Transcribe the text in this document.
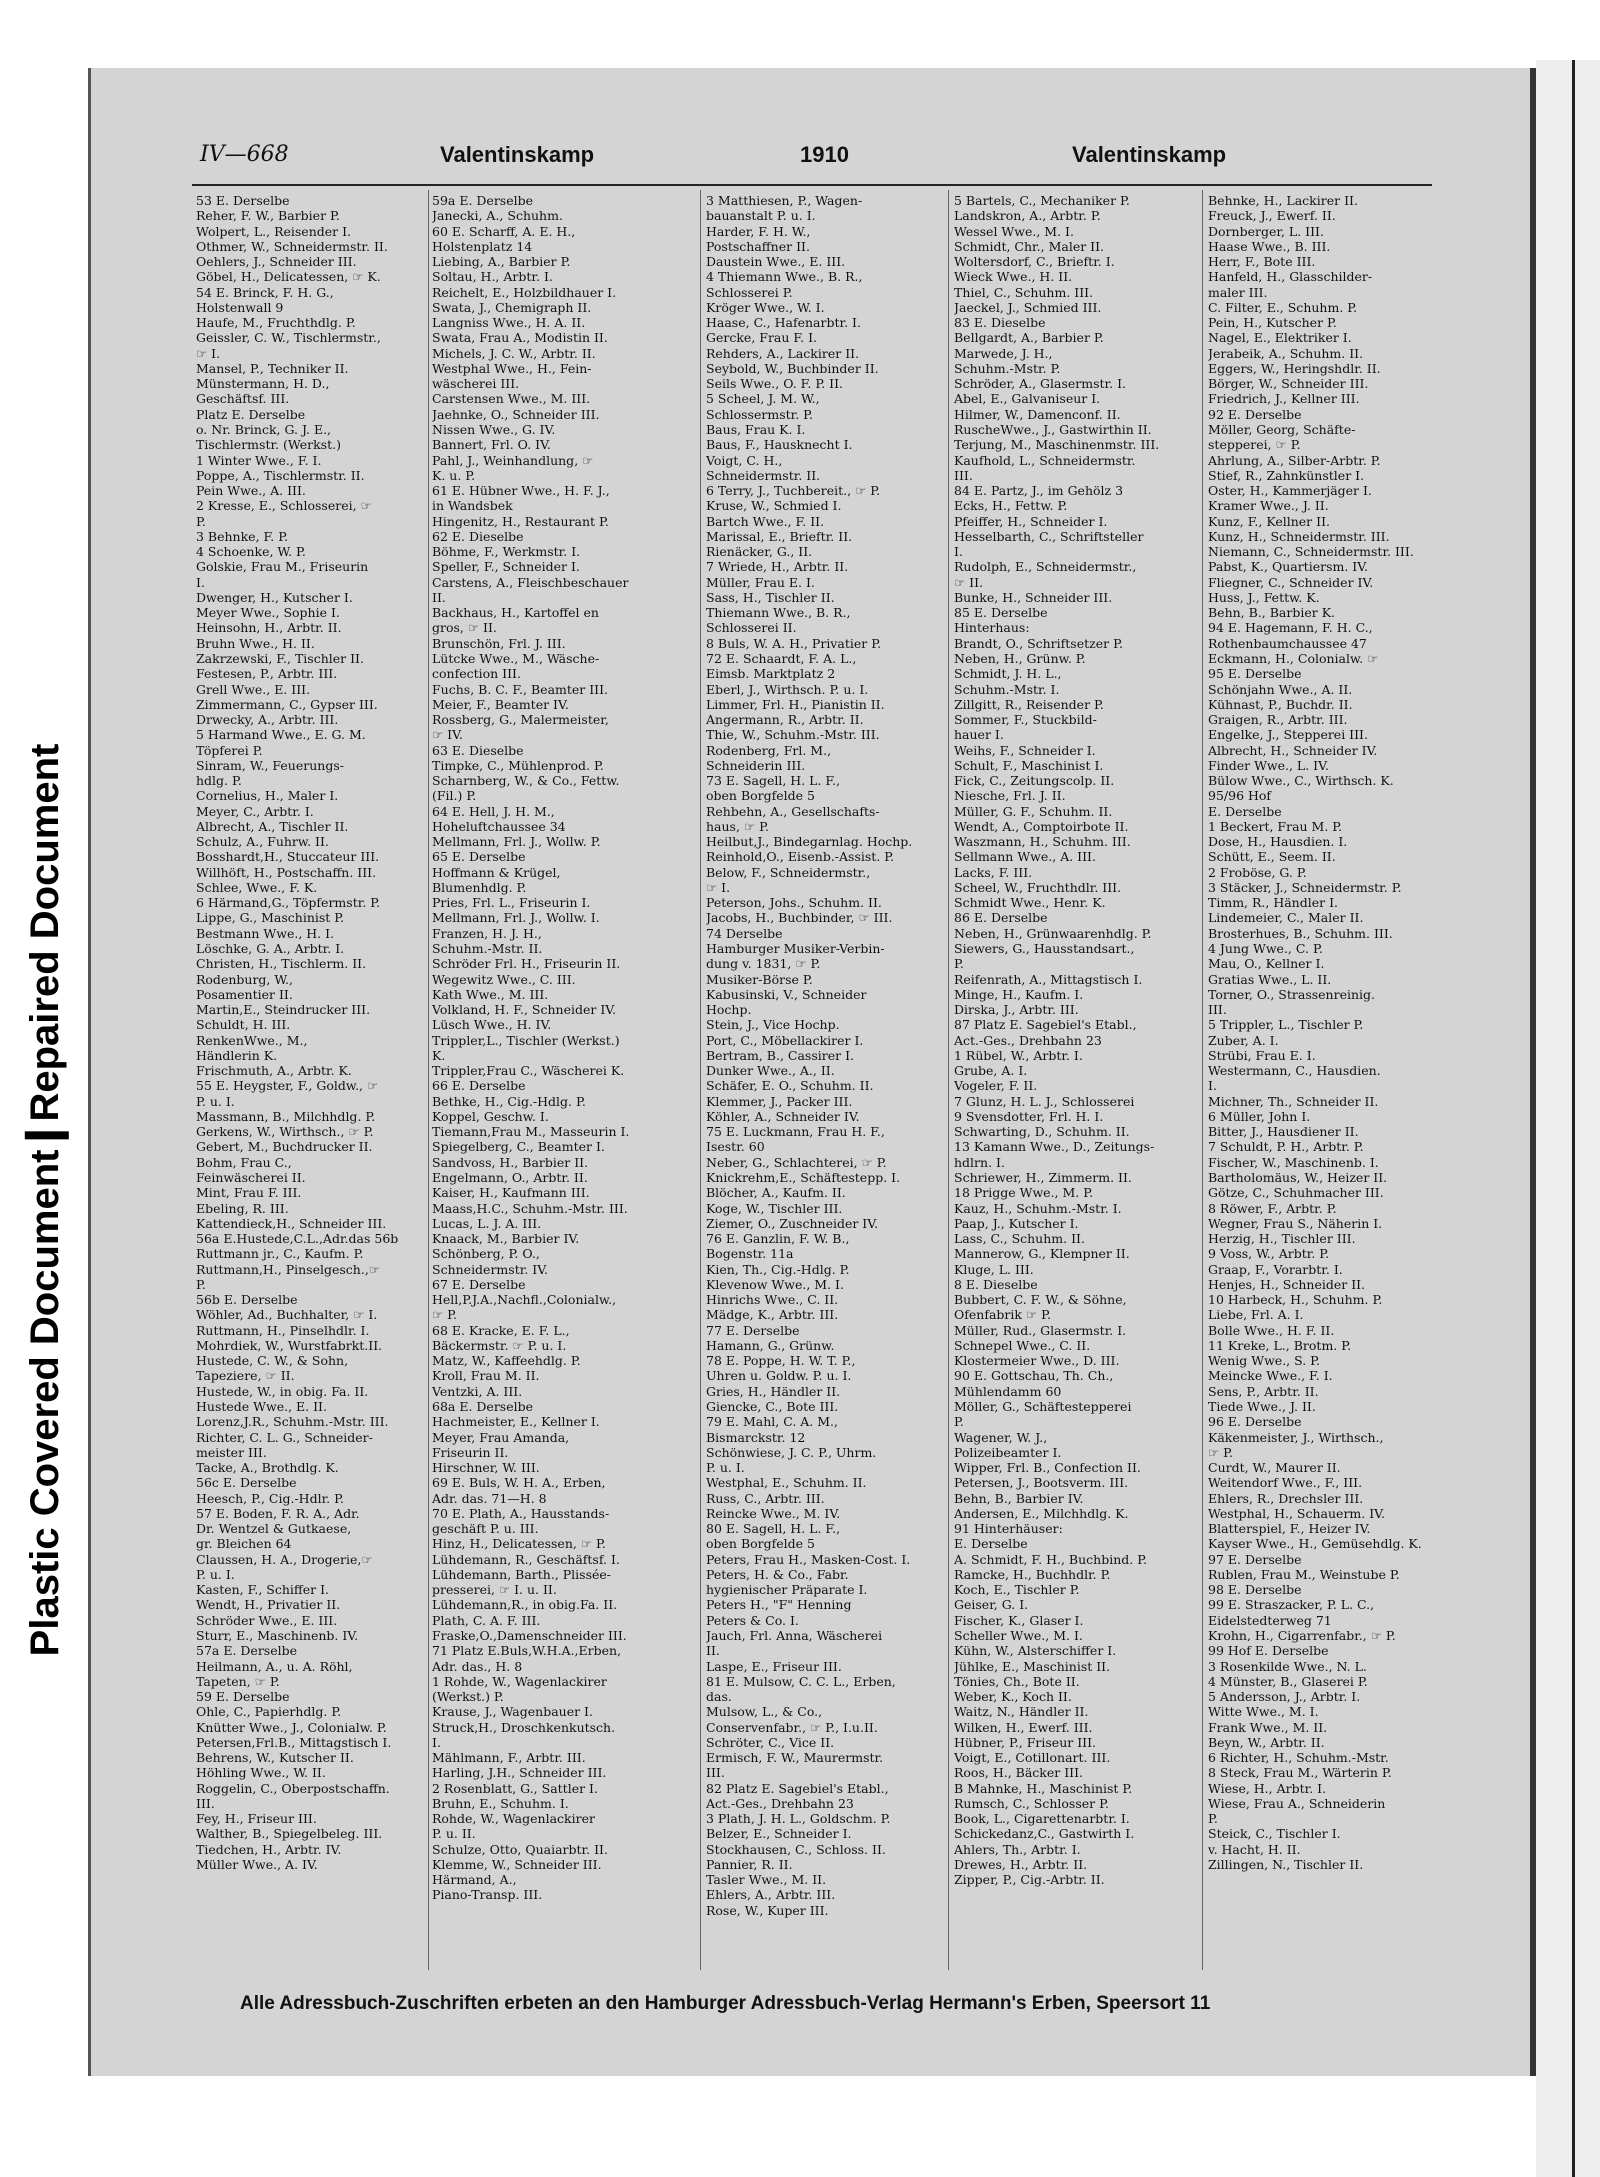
Plastic Covered DocumentRepaired Document
IV—668	Valentinskamp	1910	Valentinskamp
53 E. Derselbe
Reher, F. W., Barbier P.
Wolpert, L., Reisender I.
Othmer, W., Schneidermstr. II.
Oehlers, J., Schneider III.
Göbel, H., Delicatessen, ☞ K.
54 E. Brinck, F. H. G.,
Holstenwall 9
Haufe, M., Fruchthdlg. P.
Geissler, C. W., Tischlermstr.,
☞ I.
Mansel, P., Techniker II.
Münstermann, H. D.,
Geschäftsf. III.
Platz E. Derselbe
o. Nr. Brinck, G. J. E.,
Tischlermstr. (Werkst.)
1 Winter Wwe., F. I.
Poppe, A., Tischlermstr. II.
Pein Wwe., A. III.
2 Kresse, E., Schlosserei, ☞
P.
3 Behnke, F. P.
4 Schoenke, W. P.
Golskie, Frau M., Friseurin
I.
Dwenger, H., Kutscher I.
Meyer Wwe., Sophie I.
Heinsohn, H., Arbtr. II.
Bruhn Wwe., H. II.
Zakrzewski, F., Tischler II.
Festesen, P., Arbtr. III.
Grell Wwe., E. III.
Zimmermann, C., Gypser III.
Drwecky, A., Arbtr. III.
5 Harmand Wwe., E. G. M.
Töpferei P.
Sinram, W., Feuerungs-
hdlg. P.
Cornelius, H., Maler I.
Meyer, C., Arbtr. I.
Albrecht, A., Tischler II.
Schulz, A., Fuhrw. II.
Bosshardt,H., Stuccateur III.
Willhöft, H., Postschaffn. III.
Schlee, Wwe., F. K.
6 Härmand,G., Töpfermstr. P.
Lippe, G., Maschinist P.
Bestmann Wwe., H. I.
Löschke, G. A., Arbtr. I.
Christen, H., Tischlerm. II.
Rodenburg, W.,
Posamentier II.
Martin,E., Steindrucker III.
Schuldt, H. III.
RenkenWwe., M.,
Händlerin K.
Frischmuth, A., Arbtr. K.
55 E. Heygster, F., Goldw., ☞
P. u. I.
Massmann, B., Milchhdlg. P.
Gerkens, W., Wirthsch., ☞ P.
Gebert, M., Buchdrucker II.
Bohm, Frau C.,
Feinwäscherei II.
Mint, Frau F. III.
Ebeling, R. III.
Kattendieck,H., Schneider III.
56a E.Hustede,C.L.,Adr.das 56b
Ruttmann jr., C., Kaufm. P.
Ruttmann,H., Pinselgesch.,☞
P.
56b E. Derselbe
Wöhler, Ad., Buchhalter, ☞ I.
Ruttmann, H., Pinselhdlr. I.
Mohrdiek, W., Wurstfabrkt.II.
Hustede, C. W., & Sohn,
Tapeziere, ☞ II.
Hustede, W., in obig. Fa. II.
Hustede Wwe., E. II.
Lorenz,J.R., Schuhm.-Mstr. III.
Richter, C. L. G., Schneider-
meister III.
Tacke, A., Brothdlg. K.
56c E. Derselbe
Heesch, P., Cig.-Hdlr. P.
57 E. Boden, F. R. A., Adr.
Dr. Wentzel & Gutkaese,
gr. Bleichen 64
Claussen, H. A., Drogerie,☞
P. u. I.
Kasten, F., Schiffer I.
Wendt, H., Privatier II.
Schröder Wwe., E. III.
Sturr, E., Maschinenb. IV.
57a E. Derselbe
Heilmann, A., u. A. Röhl,
Tapeten, ☞ P.
59 E. Derselbe
Ohle, C., Papierhdlg. P.
Knütter Wwe., J., Colonialw. P.
Petersen,Frl.B., Mittagstisch I.
Behrens, W., Kutscher II.
Höhling Wwe., W. II.
Roggelin, C., Oberpostschaffn.
III.
Fey, H., Friseur III.
Walther, B., Spiegelbeleg. III.
Tiedchen, H., Arbtr. IV.
Müller Wwe., A. IV.
59a E. Derselbe
Janecki, A., Schuhm.
60 E. Scharff, A. E. H.,
Holstenplatz 14
Liebing, A., Barbier P.
Soltau, H., Arbtr. I.
Reichelt, E., Holzbildhauer I.
Swata, J., Chemigraph II.
Langniss Wwe., H. A. II.
Swata, Frau A., Modistin II.
Michels, J. C. W., Arbtr. II.
Westphal Wwe., H., Fein-
wäscherei III.
Carstensen Wwe., M. III.
Jaehnke, O., Schneider III.
Nissen Wwe., G. IV.
Bannert, Frl. O. IV.
Pahl, J., Weinhandlung, ☞
K. u. P.
61 E. Hübner Wwe., H. F. J.,
in Wandsbek
Hingenitz, H., Restaurant P.
62 E. Dieselbe
Böhme, F., Werkmstr. I.
Speller, F., Schneider I.
Carstens, A., Fleischbeschauer
II.
Backhaus, H., Kartoffel en
gros, ☞ II.
Brunschön, Frl. J. III.
Lütcke Wwe., M., Wäsche-
confection III.
Fuchs, B. C. F., Beamter III.
Meier, F., Beamter IV.
Rossberg, G., Malermeister,
☞ IV.
63 E. Dieselbe
Timpke, C., Mühlenprod. P.
Scharnberg, W., & Co., Fettw.
(Fil.) P.
64 E. Hell, J. H. M.,
Hoheluftchaussee 34
Mellmann, Frl. J., Wollw. P.
65 E. Derselbe
Hoffmann & Krügel,
Blumenhdlg. P.
Pries, Frl. L., Friseurin I.
Mellmann, Frl. J., Wollw. I.
Franzen, H. J. H.,
Schuhm.-Mstr. II.
Schröder Frl. H., Friseurin II.
Wegewitz Wwe., C. III.
Kath Wwe., M. III.
Volkland, H. F., Schneider IV.
Lüsch Wwe., H. IV.
Trippler,L., Tischler (Werkst.)
K.
Trippler,Frau C., Wäscherei K.
66 E. Derselbe
Bethke, H., Cig.-Hdlg. P.
Koppel, Geschw. I.
Tiemann,Frau M., Masseurin I.
Spiegelberg, C., Beamter I.
Sandvoss, H., Barbier II.
Engelmann, O., Arbtr. II.
Kaiser, H., Kaufmann III.
Maass,H.C., Schuhm.-Mstr. III.
Lucas, L. J. A. III.
Knaack, M., Barbier IV.
Schönberg, P. O.,
Schneidermstr. IV.
67 E. Derselbe
Hell,P.J.A.,Nachfl.,Colonialw.,
☞ P.
68 E. Kracke, E. F. L.,
Bäckermstr. ☞ P. u. I.
Matz, W., Kaffeehdlg. P.
Kroll, Frau M. II.
Ventzki, A. III.
68a E. Derselbe
Hachmeister, E., Kellner I.
Meyer, Frau Amanda,
Friseurin II.
Hirschner, W. III.
69 E. Buls, W. H. A., Erben,
Adr. das. 71—H. 8
70 E. Plath, A., Hausstands-
geschäft P. u. III.
Hinz, H., Delicatessen, ☞ P.
Lühdemann, R., Geschäftsf. I.
Lühdemann, Barth., Plissée-
presserei, ☞ I. u. II.
Lühdemann,R., in obig.Fa. II.
Plath, C. A. F. III.
Fraske,O.,Damenschneider III.
71 Platz E.Buls,W.H.A.,Erben,
Adr. das., H. 8
1 Rohde, W., Wagenlackirer
(Werkst.) P.
Krause, J., Wagenbauer I.
Struck,H., Droschkenkutsch.
I.
Mählmann, F., Arbtr. III.
Harling, J.H., Schneider III.
2 Rosenblatt, G., Sattler I.
Bruhn, E., Schuhm. I.
Rohde, W., Wagenlackirer
P. u. II.
Schulze, Otto, Quaiarbtr. II.
Klemme, W., Schneider III.
Härmand, A.,
Piano-Transp. III.
3 Matthiesen, P., Wagen-
bauanstalt P. u. I.
Harder, F. H. W.,
Postschaffner II.
Daustein Wwe., E. III.
4 Thiemann Wwe., B. R.,
Schlosserei P.
Kröger Wwe., W. I.
Haase, C., Hafenarbtr. I.
Gercke, Frau F. I.
Rehders, A., Lackirer II.
Seybold, W., Buchbinder II.
Seils Wwe., O. F. P. II.
5 Scheel, J. M. W.,
Schlossermstr. P.
Baus, Frau K. I.
Baus, F., Hausknecht I.
Voigt, C. H.,
Schneidermstr. II.
6 Terry, J., Tuchbereit., ☞ P.
Kruse, W., Schmied I.
Bartch Wwe., F. II.
Marissal, E., Brieftr. II.
Rienäcker, G., II.
7 Wriede, H., Arbtr. II.
Müller, Frau E. I.
Sass, H., Tischler II.
Thiemann Wwe., B. R.,
Schlosserei II.
8 Buls, W. A. H., Privatier P.
72 E. Schaardt, F. A. L.,
Eimsb. Marktplatz 2
Eberl, J., Wirthsch. P. u. I.
Limmer, Frl. H., Pianistin II.
Angermann, R., Arbtr. II.
Thie, W., Schuhm.-Mstr. III.
Rodenberg, Frl. M.,
Schneiderin III.
73 E. Sagell, H. L. F.,
oben Borgfelde 5
Rehbehn, A., Gesellschafts-
haus, ☞ P.
Heilbut,J., Bindegarnlag. Hochp.
Reinhold,O., Eisenb.-Assist. P.
Below, F., Schneidermstr.,
☞ I.
Peterson, Johs., Schuhm. II.
Jacobs, H., Buchbinder, ☞ III.
74 Derselbe
Hamburger Musiker-Verbin-
dung v. 1831, ☞ P.
Musiker-Börse P.
Kabusinski, V., Schneider
Hochp.
Stein, J., Vice Hochp.
Port, C., Möbellackirer I.
Bertram, B., Cassirer I.
Dunker Wwe., A., II.
Schäfer, E. O., Schuhm. II.
Klemmer, J., Packer III.
Köhler, A., Schneider IV.
75 E. Luckmann, Frau H. F.,
Isestr. 60
Neber, G., Schlachterei, ☞ P.
Knickrehm,E., Schäftestepp. I.
Blöcher, A., Kaufm. II.
Koge, W., Tischler III.
Ziemer, O., Zuschneider IV.
76 E. Ganzlin, F. W. B.,
Bogenstr. 11a
Kien, Th., Cig.-Hdlg. P.
Klevenow Wwe., M. I.
Hinrichs Wwe., C. II.
Mädge, K., Arbtr. III.
77 E. Derselbe
Hamann, G., Grünw.
78 E. Poppe, H. W. T. P.,
Uhren u. Goldw. P. u. I.
Gries, H., Händler II.
Giencke, C., Bote III.
79 E. Mahl, C. A. M.,
Bismarckstr. 12
Schönwiese, J. C. P., Uhrm.
P. u. I.
Westphal, E., Schuhm. II.
Russ, C., Arbtr. III.
Reincke Wwe., M. IV.
80 E. Sagell, H. L. F.,
oben Borgfelde 5
Peters, Frau H., Masken-Cost. I.
Peters, H. & Co., Fabr.
hygienischer Präparate I.
Peters H., "F" Henning
Peters & Co. I.
Jauch, Frl. Anna, Wäscherei
II.
Laspe, E., Friseur III.
81 E. Mulsow, C. C. L., Erben,
das.
Mulsow, L., & Co.,
Conservenfabr., ☞ P., I.u.II.
Schröter, C., Vice II.
Ermisch, F. W., Maurermstr.
III.
82 Platz E. Sagebiel's Etabl.,
Act.-Ges., Drehbahn 23
3 Plath, J. H. L., Goldschm. P.
Belzer, E., Schneider I.
Stockhausen, C., Schloss. II.
Pannier, R. II.
Tasler Wwe., M. II.
Ehlers, A., Arbtr. III.
Rose, W., Kuper III.
5 Bartels, C., Mechaniker P.
Landskron, A., Arbtr. P.
Wessel Wwe., M. I.
Schmidt, Chr., Maler II.
Woltersdorf, C., Brieftr. I.
Wieck Wwe., H. II.
Thiel, C., Schuhm. III.
Jaeckel, J., Schmied III.
83 E. Dieselbe
Bellgardt, A., Barbier P.
Marwede, J. H.,
Schuhm.-Mstr. P.
Schröder, A., Glasermstr. I.
Abel, E., Galvaniseur I.
Hilmer, W., Damenconf. II.
RuscheWwe., J., Gastwirthin II.
Terjung, M., Maschinenmstr. III.
Kaufhold, L., Schneidermstr.
III.
84 E. Partz, J., im Gehölz 3
Ecks, H., Fettw. P.
Pfeiffer, H., Schneider I.
Hesselbarth, C., Schriftsteller
I.
Rudolph, E., Schneidermstr.,
☞ II.
Bunke, H., Schneider III.
85 E. Derselbe
Hinterhaus:
Brandt, O., Schriftsetzer P.
Neben, H., Grünw. P.
Schmidt, J. H. L.,
Schuhm.-Mstr. I.
Zillgitt, R., Reisender P.
Sommer, F., Stuckbild-
hauer I.
Weihs, F., Schneider I.
Schult, F., Maschinist I.
Fick, C., Zeitungscolp. II.
Niesche, Frl. J. II.
Müller, G. F., Schuhm. II.
Wendt, A., Comptoirbote II.
Waszmann, H., Schuhm. III.
Sellmann Wwe., A. III.
Lacks, F. III.
Scheel, W., Fruchthdlr. III.
Schmidt Wwe., Henr. K.
86 E. Derselbe
Neben, H., Grünwaarenhdlg. P.
Siewers, G., Hausstandsart.,
P.
Reifenrath, A., Mittagstisch I.
Minge, H., Kaufm. I.
Dirska, J., Arbtr. III.
87 Platz E. Sagebiel's Etabl.,
Act.-Ges., Drehbahn 23
1 Rübel, W., Arbtr. I.
Grube, A. I.
Vogeler, F. II.
7 Glunz, H. L. J., Schlosserei
9 Svensdotter, Frl. H. I.
Schwarting, D., Schuhm. II.
13 Kamann Wwe., D., Zeitungs-
hdlrn. I.
Schriewer, H., Zimmerm. II.
18 Prigge Wwe., M. P.
Kauz, H., Schuhm.-Mstr. I.
Paap, J., Kutscher I.
Lass, C., Schuhm. II.
Mannerow, G., Klempner II.
Kluge, L. III.
8 E. Dieselbe
Bubbert, C. F. W., & Söhne,
Ofenfabrik ☞ P.
Müller, Rud., Glasermstr. I.
Schnepel Wwe., C. II.
Klostermeier Wwe., D. III.
90 E. Gottschau, Th. Ch.,
Mühlendamm 60
Möller, G., Schäftestepperei
P.
Wagener, W. J.,
Polizeibeamter I.
Wipper, Frl. B., Confection II.
Petersen, J., Bootsverm. III.
Behn, B., Barbier IV.
Andersen, E., Milchhdlg. K.
91 Hinterhäuser:
E. Derselbe
A. Schmidt, F. H., Buchbind. P.
Ramcke, H., Buchhdlr. P.
Koch, E., Tischler P.
Geiser, G. I.
Fischer, K., Glaser I.
Scheller Wwe., M. I.
Kühn, W., Alsterschiffer I.
Jühlke, E., Maschinist II.
Tönies, Ch., Bote II.
Weber, K., Koch II.
Waitz, N., Händler II.
Wilken, H., Ewerf. III.
Hübner, P., Friseur III.
Voigt, E., Cotillonart. III.
Roos, H., Bäcker III.
B Mahnke, H., Maschinist P.
Rumsch, C., Schlosser P.
Book, L., Cigarettenarbtr. I.
Schickedanz,C., Gastwirth I.
Ahlers, Th., Arbtr. I.
Drewes, H., Arbtr. II.
Zipper, P., Cig.-Arbtr. II.
Behnke, H., Lackirer II.
Freuck, J., Ewerf. II.
Dornberger, L. III.
Haase Wwe., B. III.
Herr, F., Bote III.
Hanfeld, H., Glasschilder-
maler III.
C. Filter, E., Schuhm. P.
Pein, H., Kutscher P.
Nagel, E., Elektriker I.
Jerabeik, A., Schuhm. II.
Eggers, W., Heringshdlr. II.
Börger, W., Schneider III.
Friedrich, J., Kellner III.
92 E. Derselbe
Möller, Georg, Schäfte-
stepperei, ☞ P.
Ahrlung, A., Silber-Arbtr. P.
Stief, R., Zahnkünstler I.
Oster, H., Kammerjäger I.
Kramer Wwe., J. II.
Kunz, F., Kellner II.
Kunz, H., Schneidermstr. III.
Niemann, C., Schneidermstr. III.
Pabst, K., Quartiersm. IV.
Fliegner, C., Schneider IV.
Huss, J., Fettw. K.
Behn, B., Barbier K.
94 E. Hagemann, F. H. C.,
Rothenbaumchaussee 47
Eckmann, H., Colonialw. ☞
95 E. Derselbe
Schönjahn Wwe., A. II.
Kühnast, P., Buchdr. II.
Graigen, R., Arbtr. III.
Engelke, J., Stepperei III.
Albrecht, H., Schneider IV.
Finder Wwe., L. IV.
Bülow Wwe., C., Wirthsch. K.
95/96 Hof
E. Derselbe
1 Beckert, Frau M. P.
Dose, H., Hausdien. I.
Schütt, E., Seem. II.
2 Froböse, G. P.
3 Stäcker, J., Schneidermstr. P.
Timm, R., Händler I.
Lindemeier, C., Maler II.
Brosterhues, B., Schuhm. III.
4 Jung Wwe., C. P.
Mau, O., Kellner I.
Gratias Wwe., L. II.
Torner, O., Strassenreinig.
III.
5 Trippler, L., Tischler P.
Zuber, A. I.
Strübi, Frau E. I.
Westermann, C., Hausdien.
I.
Michner, Th., Schneider II.
6 Müller, John I.
Bitter, J., Hausdiener II.
7 Schuldt, P. H., Arbtr. P.
Fischer, W., Maschinenb. I.
Bartholomäus, W., Heizer II.
Götze, C., Schuhmacher III.
8 Röwer, F., Arbtr. P.
Wegner, Frau S., Näherin I.
Herzig, H., Tischler III.
9 Voss, W., Arbtr. P.
Graap, F., Vorarbtr. I.
Henjes, H., Schneider II.
10 Harbeck, H., Schuhm. P.
Liebe, Frl. A. I.
Bolle Wwe., H. F. II.
11 Kreke, L., Brotm. P.
Wenig Wwe., S. P.
Meincke Wwe., F. I.
Sens, P., Arbtr. II.
Tiede Wwe., J. II.
96 E. Derselbe
Käkenmeister, J., Wirthsch.,
☞ P.
Curdt, W., Maurer II.
Weitendorf Wwe., F., III.
Ehlers, R., Drechsler III.
Westphal, H., Schauerm. IV.
Blatterspiel, F., Heizer IV.
Kayser Wwe., H., Gemüsehdlg. K.
97 E. Derselbe
Rublen, Frau M., Weinstube P.
98 E. Derselbe
99 E. Straszacker, P. L. C.,
Eidelstedterweg 71
Krohn, H., Cigarrenfabr., ☞ P.
99 Hof E. Derselbe
3 Rosenkilde Wwe., N. L.
4 Münster, B., Glaserei P.
5 Andersson, J., Arbtr. I.
Witte Wwe., M. I.
Frank Wwe., M. II.
Beyn, W., Arbtr. II.
6 Richter, H., Schuhm.-Mstr.
8 Steck, Frau M., Wärterin P.
Wiese, H., Arbtr. I.
Wiese, Frau A., Schneiderin
P.
Steick, C., Tischler I.
v. Hacht, H. II.
Zillingen, N., Tischler II.
Alle Adressbuch-Zuschriften erbeten an den Hamburger Adressbuch-Verlag Hermann's Erben, Speersort 11
